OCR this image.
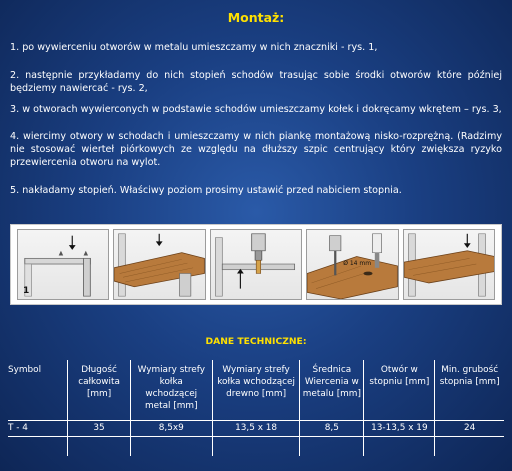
Montaż:
1. po wywierceniu otworów w metalu umieszczamy w nich znaczniki - rys. 1,
2. następnie przykładamy do nich stopień schodów trasując sobie środki otworów które później będziemy nawiercać - rys. 2,
3. w otworach wywierconych w podstawie schodów umieszczamy kołek i dokręcamy wkrętem – rys. 3,
4. wiercimy otwory w schodach i umieszczamy w nich piankę montażową nisko-rozprężną. (Radzimy nie stosować wierteł piórkowych ze względu na dłuższy szpic centrujący który zwiększa ryzyko przewiercenia otworu na wylot.
5. nakładamy stopień. Właściwy poziom prosimy ustawić przed nabiciem stopnia.
1
Ø 14 mm
DANE TECHNICZNE:
Symbol	Długość całkowita [mm]	Wymiary strefy kołka wchodzącej metal [mm]	Wymiary strefy kołka wchodzącej drewno [mm]	Średnica Wiercenia w metalu [mm]	Otwór w stopniu [mm]	Min. grubość stopnia [mm]
T - 4	35	8,5x9	13,5 x 18	8,5	13-13,5 x 19	24
